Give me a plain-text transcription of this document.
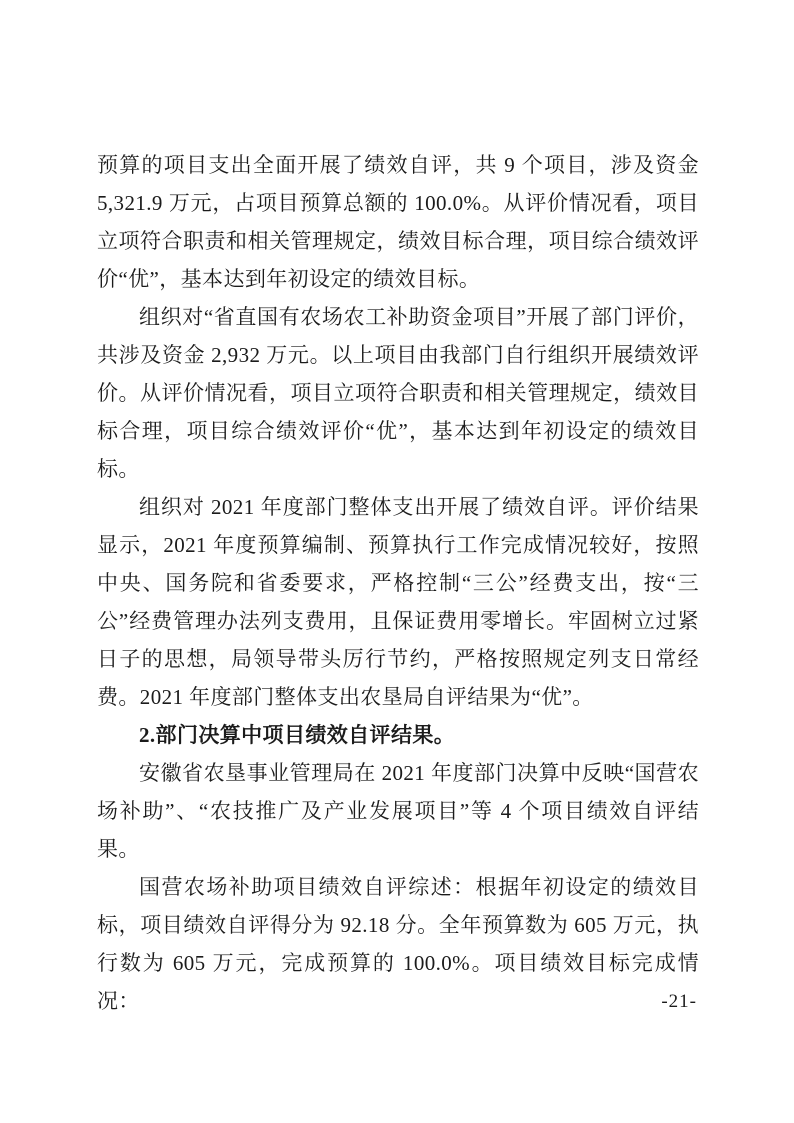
预算的项目支出全面开展了绩效自评，共 9 个项目，涉及资金 5,321.9 万元，占项目预算总额的 100.0%。从评价情况看，项目立项符合职责和相关管理规定，绩效目标合理，项目综合绩效评价“优”，基本达到年初设定的绩效目标。

组织对“省直国有农场农工补助资金项目”开展了部门评价，共涉及资金 2,932 万元。以上项目由我部门自行组织开展绩效评价。从评价情况看，项目立项符合职责和相关管理规定，绩效目标合理，项目综合绩效评价“优”，基本达到年初设定的绩效目标。

组织对 2021 年度部门整体支出开展了绩效自评。评价结果显示，2021 年度预算编制、预算执行工作完成情况较好，按照中央、国务院和省委要求，严格控制“三公”经费支出，按“三公”经费管理办法列支费用，且保证费用零增长。牢固树立过紧日子的思想，局领导带头厉行节约，严格按照规定列支日常经费。2021 年度部门整体支出农垦局自评结果为“优”。

2.部门决算中项目绩效自评结果。

安徽省农垦事业管理局在 2021 年度部门决算中反映“国营农场补助”、“农技推广及产业发展项目”等 4 个项目绩效自评结果。

国营农场补助项目绩效自评综述：根据年初设定的绩效目标，项目绩效自评得分为 92.18 分。全年预算数为 605 万元，执行数为 605 万元，完成预算的 100.0%。项目绩效目标完成情况：	-21-
